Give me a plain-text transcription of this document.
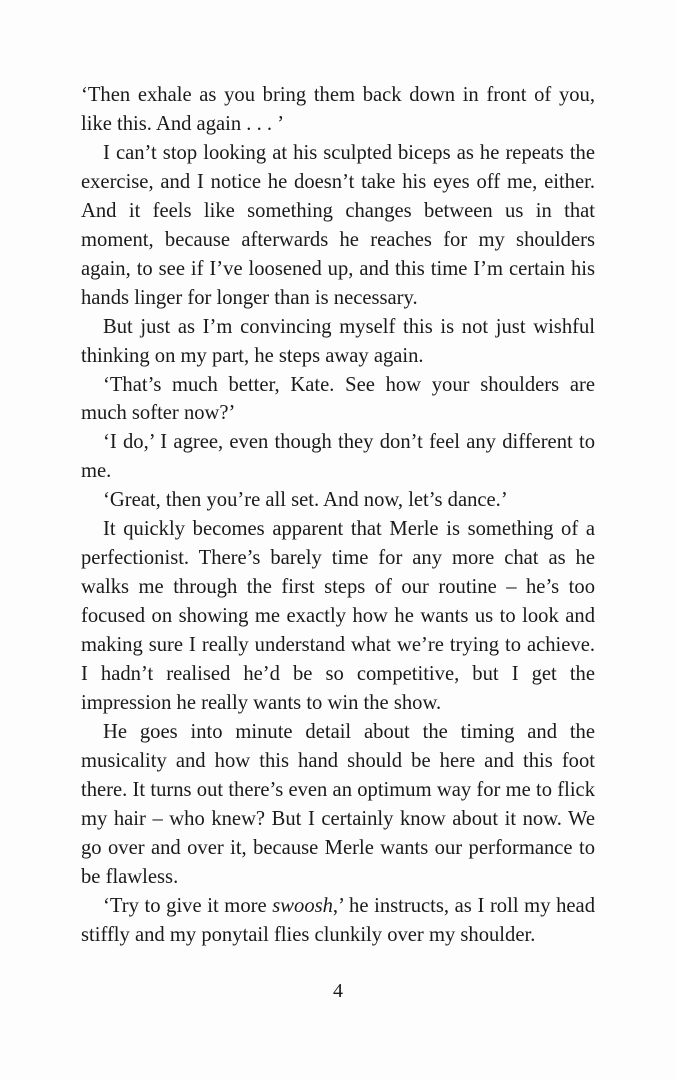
‘Then exhale as you bring them back down in front of you, like this. And again . . . ’

I can’t stop looking at his sculpted biceps as he repeats the exercise, and I notice he doesn’t take his eyes off me, either. And it feels like something changes between us in that moment, because afterwards he reaches for my shoulders again, to see if I’ve loosened up, and this time I’m certain his hands linger for longer than is necessary.

But just as I’m convincing myself this is not just wishful thinking on my part, he steps away again.

‘That’s much better, Kate. See how your shoulders are much softer now?’

‘I do,’ I agree, even though they don’t feel any different to me.

‘Great, then you’re all set. And now, let’s dance.’

It quickly becomes apparent that Merle is something of a perfectionist. There’s barely time for any more chat as he walks me through the first steps of our routine – he’s too focused on showing me exactly how he wants us to look and making sure I really understand what we’re trying to achieve. I hadn’t realised he’d be so competitive, but I get the impression he really wants to win the show.

He goes into minute detail about the timing and the musicality and how this hand should be here and this foot there. It turns out there’s even an optimum way for me to flick my hair – who knew? But I certainly know about it now. We go over and over it, because Merle wants our performance to be flawless.

‘Try to give it more swoosh,’ he instructs, as I roll my head stiffly and my ponytail flies clunkily over my shoulder.

4
